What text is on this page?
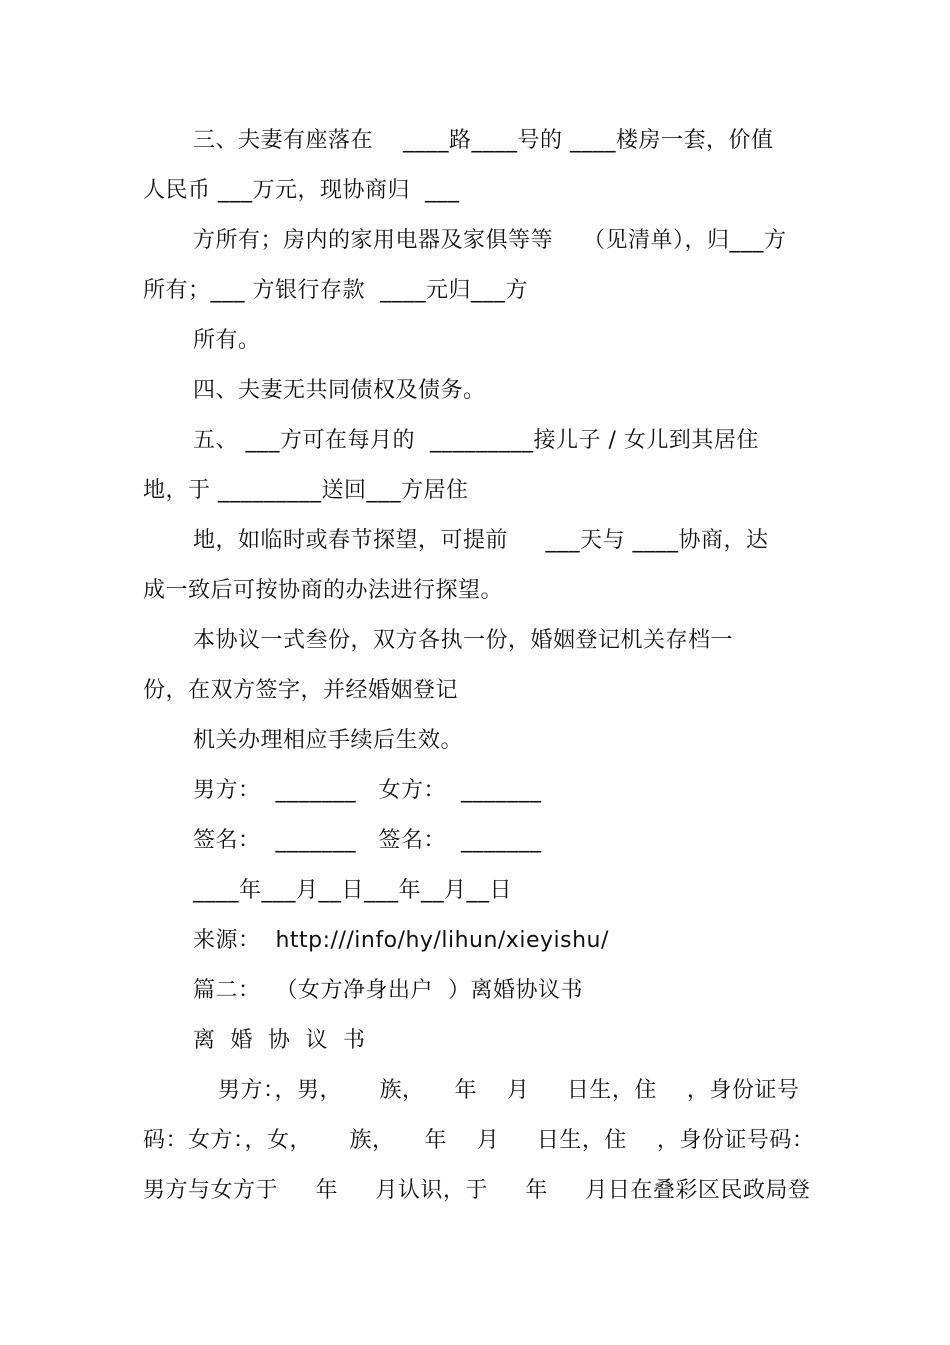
三、夫妻有座落在    ____路____号的 ____楼房一套，价值
人民币 ___万元，现协商归  ___
方所有；房内的家用电器及家俱等等    （见清单），归___方
所有；___ 方银行存款  ____元归___方
所有。
四、夫妻无共同债权及债务。
五、 ___方可在每月的  _________接儿子 / 女儿到其居住
地，于 _________送回___方居住
地，如临时或春节探望，可提前     ___天与 ____协商，达
成一致后可按协商的办法进行探望。
本协议一式叁份，双方各执一份，婚姻登记机关存档一
份，在双方签字，并经婚姻登记
机关办理相应手续后生效。
男方：  _______   女方：  _______
签名：  _______   签名：  _______
____年___月__日___年__月__日
来源：  http:///info/hy/lihun/xieyishu/
篇二：  （女方净身出户  ）离婚协议书
离  婚  协  议  书
男方：，男，     族，    年    月     日生，住    ，身份证号
码：女方：，女，     族，    年    月     日生，住    ，身份证号码：
男方与女方于     年     月认识，于     年     月日在叠彩区民政局登
